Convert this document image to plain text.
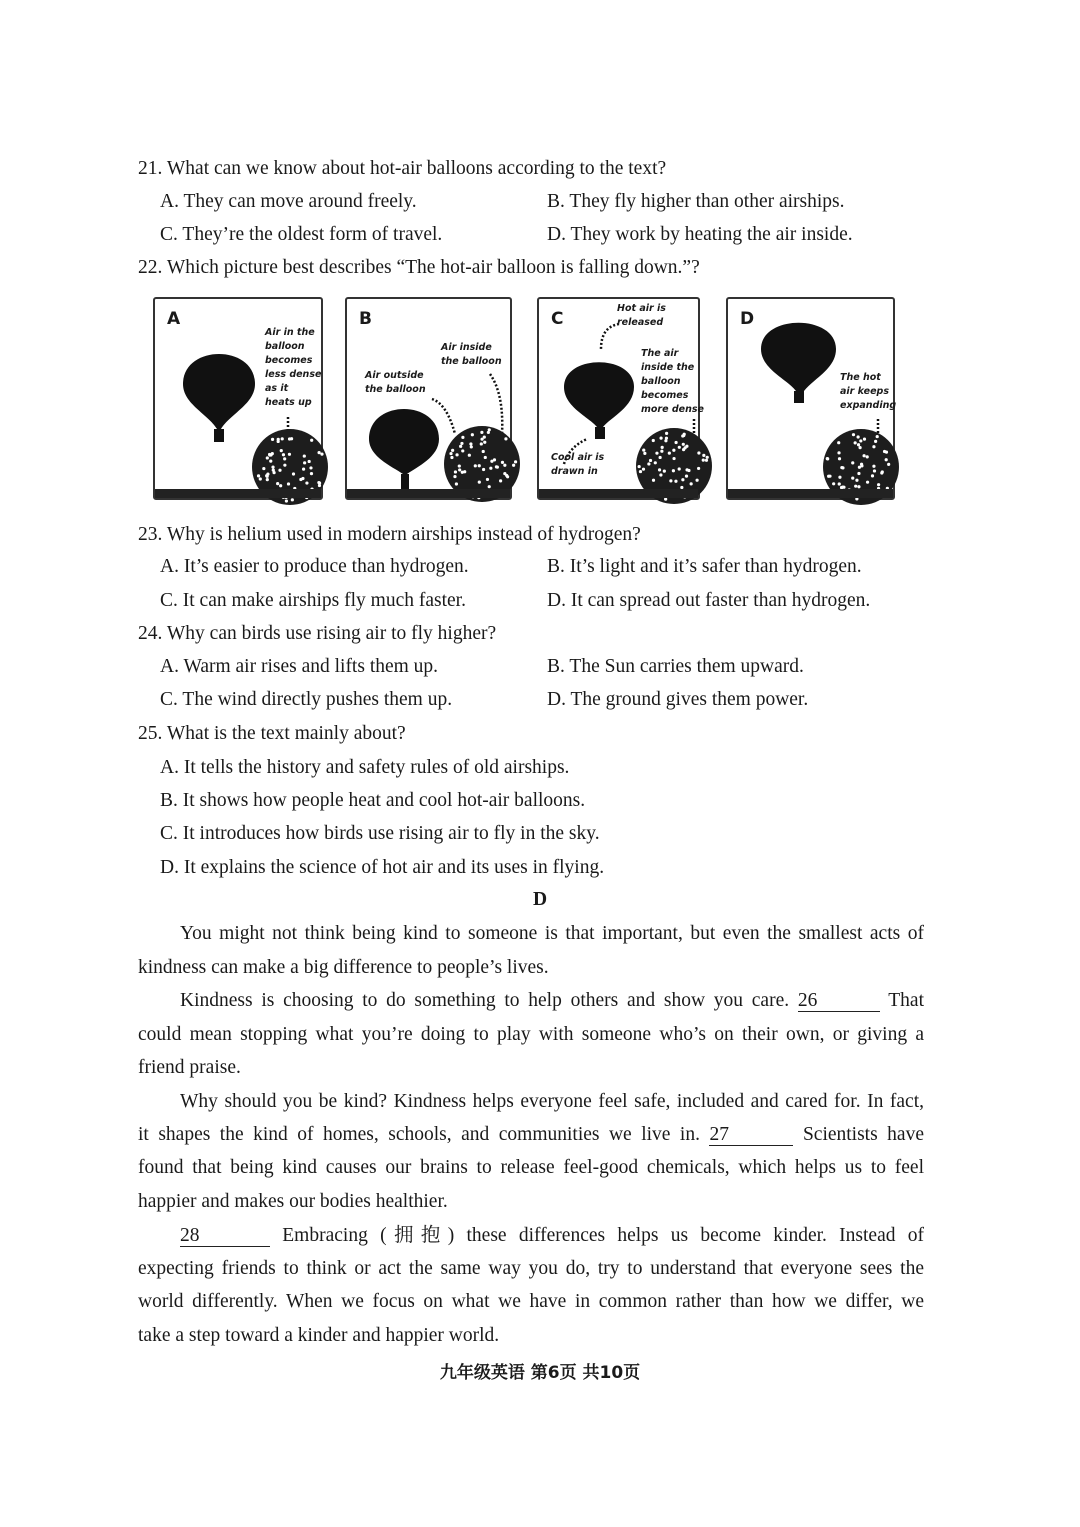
21. What can we know about hot-air balloons according to the text?
A. They can move around freely.	B. They fly higher than other airships.
C. They’re the oldest form of travel.	D. They work by heating the air inside.
22. Which picture best describes “The hot-air balloon is falling down.”?
A
Air in the
balloon
becomes
less dense
as it
heats up
B
Air outside
the balloon
Air inside
the balloon
C
Hot air is
released
The air
inside the
balloon
becomes
more dense
Cool air is
drawn in
D
The hot
air keeps
expanding
23. Why is helium used in modern airships instead of hydrogen?
A. It’s easier to produce than hydrogen.	B. It’s light and it’s safer than hydrogen.
C. It can make airships fly much faster.	D. It can spread out faster than hydrogen.
24. Why can birds use rising air to fly higher?
A. Warm air rises and lifts them up.	B. The Sun carries them upward.
C. The wind directly pushes them up.	D. The ground gives them power.
25. What is the text mainly about?
A. It tells the history and safety rules of old airships.
B. It shows how people heat and cool hot-air balloons.
C. It introduces how birds use rising air to fly in the sky.
D. It explains the science of hot air and its uses in flying.
D
You might not think being kind to someone is that important, but even the smallest acts of
kindness can make a big difference to people’s lives.
Kindness is choosing to do something to help others and show you care. 26	That
could mean stopping what you’re doing to play with someone who’s on their own, or giving a
friend praise.
Why should you be kind? Kindness helps everyone feel safe, included and cared for. In fact,
it shapes the kind of homes, schools, and communities we live in. 27	Scientists have
found that being kind causes our brains to release feel-good chemicals, which helps us to feel
happier and makes our bodies healthier.
28	Embracing (拥抱) these differences helps us become kinder. Instead of
expecting friends to think or act the same way you do, try to understand that everyone sees the
world differently. When we focus on what we have in common rather than how we differ, we
take a step toward a kinder and happier world.
九年级英语 第6页 共10页
